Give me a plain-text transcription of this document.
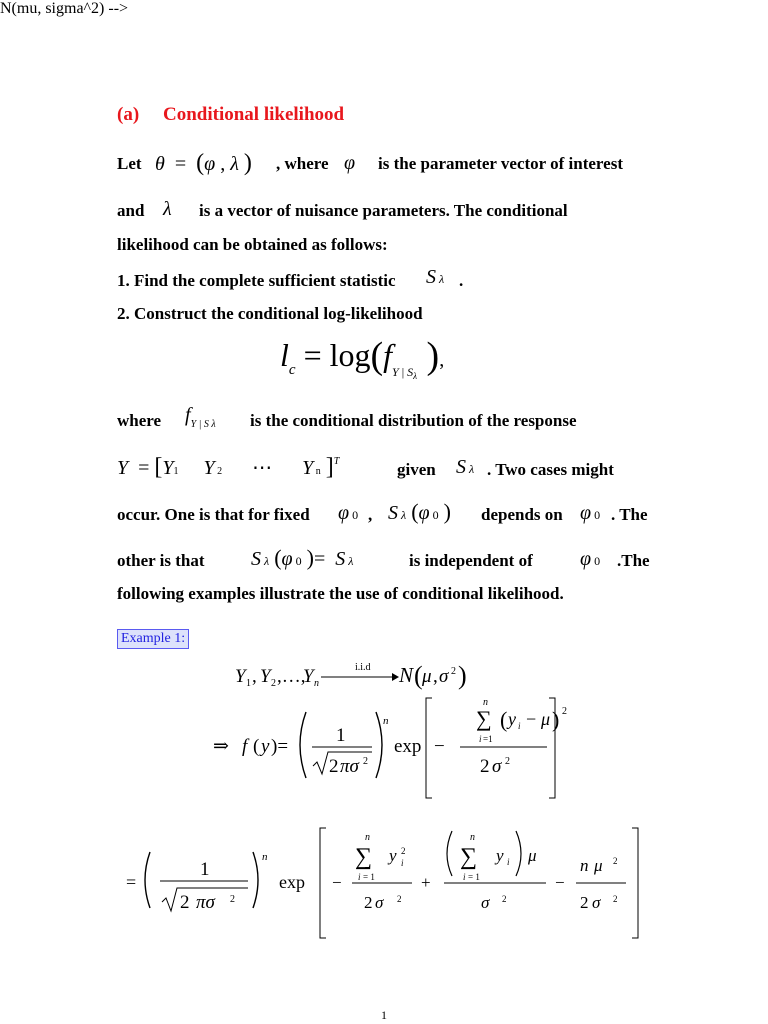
(a) Conditional likelihood
Let θ  =  (φ , λ ) , where φ is the parameter vector of interest
and λ is a vector of nuisance parameters. The conditional
likelihood can be obtained as follows:
1. Find the complete sufficient statistic S λ .
2. Construct the conditional log-likelihood
$l_c = \log(f_Y$ $_|$ $_{S\lambda}$ ),
where $f_{Y | S \lambda}$ is the conditional distribution of the response
Y  = [Y1 Y 2      ⋯      Y n ]$^T$	given S λ . Two cases might
occur. One is that for fixed φ 0 , S λ (φ 0 ) depends on φ 0 . The
other is that S λ (φ 0 )=  S λ	is independent of φ 0 .The
following examples illustrate the use of conditional likelihood.
Example 1:
N(mu, sigma^2) -->
Y 1 , Y 2 ,…,
Y n
i.i.d N ( μ , σ 2 )
⇒ f ( y )=
1
2 πσ 2
n
exp −
n
∑
i =1
( y i − μ ) 2
2 σ 2
=
1
2 πσ 2
n
exp −
n
∑
i = 1
y 2
i
2 σ 2
+
n
∑
i = 1
y i μ
σ 2
−
n μ 2
2 σ 2
1
